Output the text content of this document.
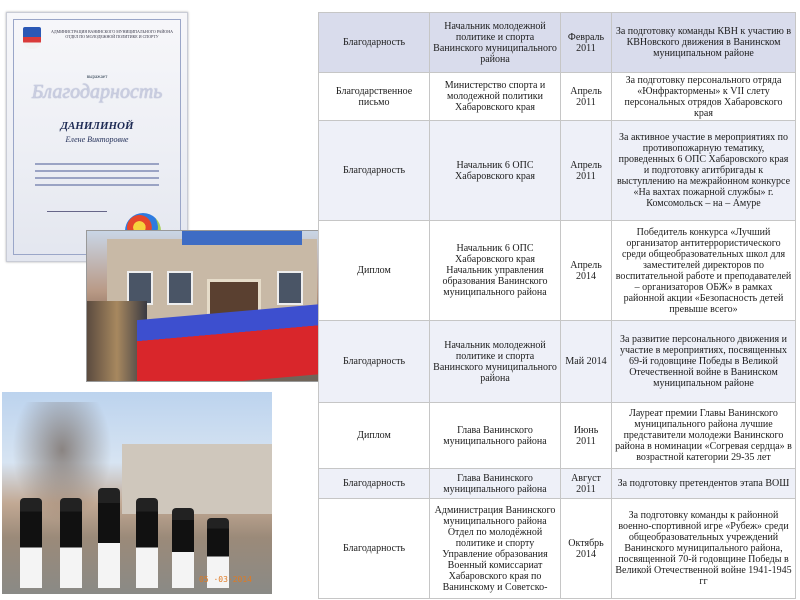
АДМИНИСТРАЦИЯ ВАНИНСКОГО МУНИЦИПАЛЬНОГО РАЙОНА ОТДЕЛ ПО МОЛОДЕЖНОЙ ПОЛИТИКЕ И СПОРТУ
выражает
Благодарность
ДАНИЛИНОЙ
Елене Викторовне
05 ·03·2014
Благодарность	Начальник молодежной политике и спорта Ванинского муниципального района	Февраль 2011	За подготовку команды КВН к участию в КВНовского движения в Ванинском муниципальном районе
Благодарственное письмо	Министерство спорта и молодежной политики Хабаровского края	Апрель 2011	За подготовку персонального отряда «Юнфрактормены» к VII слету персональных отрядов Хабаровского края
Благодарность	Начальник 6 ОПС Хабаровского края	Апрель 2011	За активное участие в мероприятиях по противопожарную тематику, проведенных 6 ОПС Хабаровского края и подготовку агитбригады к выступлению на межрайонном конкурсе «На вахтах пожарной службы» г. Комсомольск – на – Амуре
Диплом	Начальник 6 ОПС Хабаровского края Начальник управления образования Ванинского муниципального района	Апрель 2014	Победитель конкурса «Лучший организатор антитеррористического среди общеобразовательных школ для заместителей директоров по воспитательной работе и преподавателей – организаторов ОБЖ» в рамках районной акции «Безопасность детей превыше всего»
Благодарность	Начальник молодежной политике и спорта Ванинского муниципального района	Май 2014	За развитие персонального движения и участие в мероприятиях, посвященных 69-й годовщине Победы в Великой Отечественной войне в Ванинском муниципальном районе
Диплом	Глава Ванинского муниципального района	Июнь 2011	Лауреат премии Главы Ванинского муниципального района лучшие представители молодежи Ванинского района в номинации «Согревая сердца» в возрастной категории 29-35 лет
Благодарность	Глава Ванинского муниципального района	Август 2011	За подготовку претендентов этапа ВОШ
Благодарность	Администрация Ванинского муниципального района Отдел по молодёжной политике и спорту Управление образования Военный комиссариат Хабаровского края по Ванинскому и Советско-	Октябрь 2014	За подготовку команды к районной военно-спортивной игре «Рубеж» среди общеобразовательных учреждений Ванинского муниципального района, посвященной 70-й годовщине Победы в Великой Отечественной войне 1941-1945 гг
